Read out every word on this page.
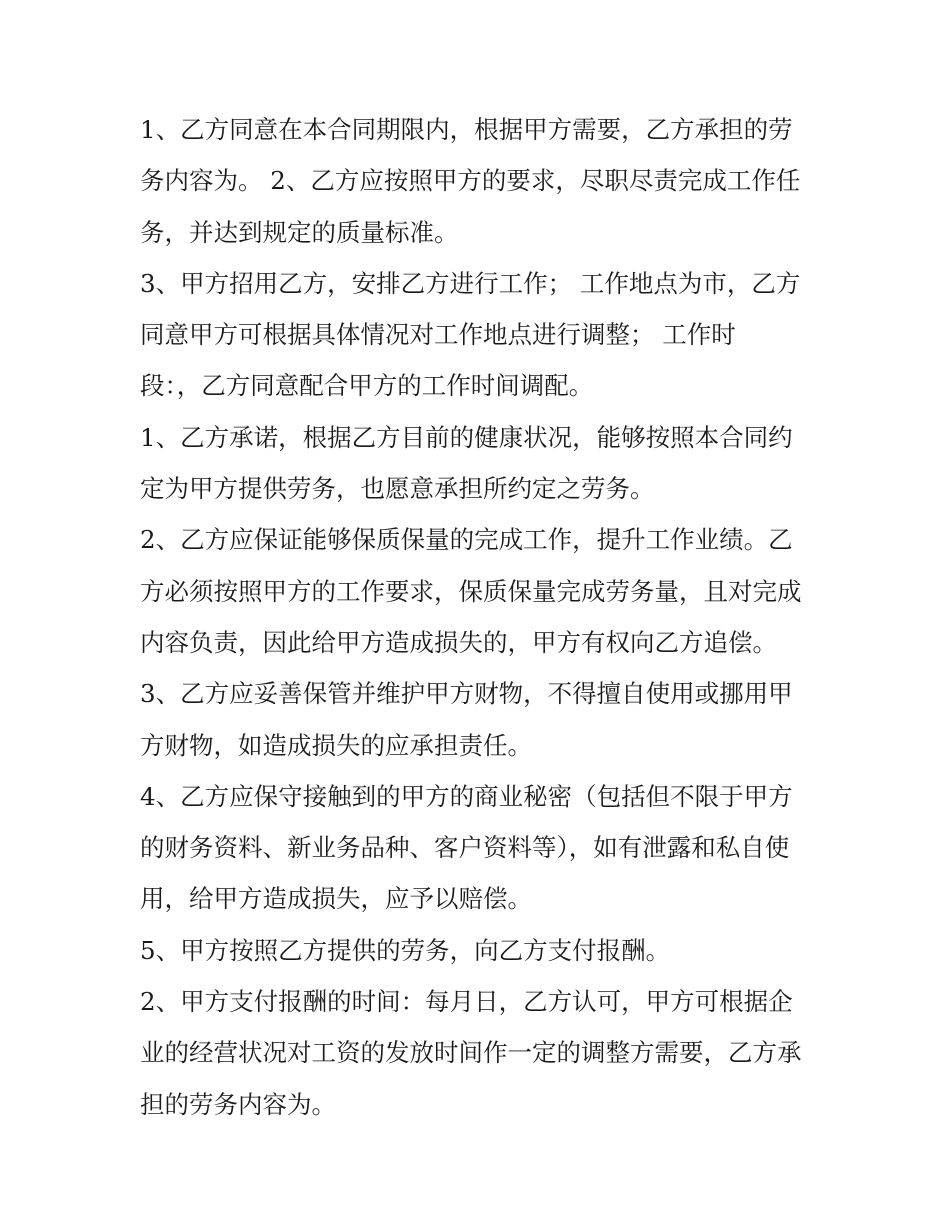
1、乙方同意在本合同期限内，根据甲方需要，乙方承担的劳
务内容为。 2、乙方应按照甲方的要求，尽职尽责完成工作任
务，并达到规定的质量标准。
3、甲方招用乙方，安排乙方进行工作； 工作地点为市，乙方
同意甲方可根据具体情况对工作地点进行调整； 工作时
段：，乙方同意配合甲方的工作时间调配。
1、乙方承诺，根据乙方目前的健康状况，能够按照本合同约
定为甲方提供劳务，也愿意承担所约定之劳务。
2、乙方应保证能够保质保量的完成工作，提升工作业绩。乙
方必须按照甲方的工作要求，保质保量完成劳务量，且对完成
内容负责，因此给甲方造成损失的，甲方有权向乙方追偿。
3、乙方应妥善保管并维护甲方财物，不得擅自使用或挪用甲
方财物，如造成损失的应承担责任。
4、乙方应保守接触到的甲方的商业秘密（包括但不限于甲方
的财务资料、新业务品种、客户资料等），如有泄露和私自使
用，给甲方造成损失，应予以赔偿。
5、甲方按照乙方提供的劳务，向乙方支付报酬。
2、甲方支付报酬的时间：每月日，乙方认可，甲方可根据企
业的经营状况对工资的发放时间作一定的调整方需要，乙方承
担的劳务内容为。
